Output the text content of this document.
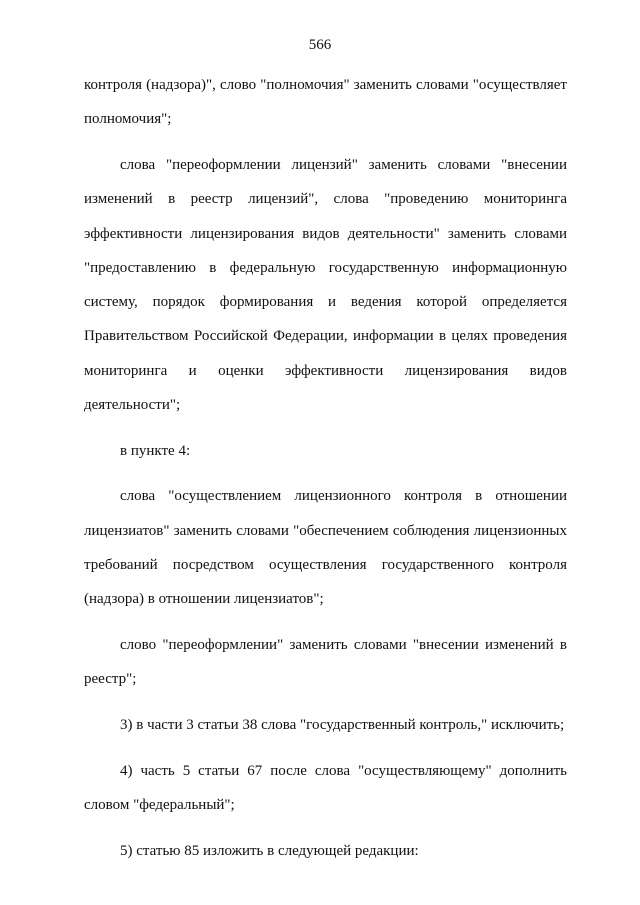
566

контроля (надзора)", слово "полномочия" заменить словами "осуществляет полномочия";

слова "переоформлении лицензий" заменить словами "внесении изменений в реестр лицензий", слова "проведению мониторинга эффективности лицензирования видов деятельности" заменить словами "предоставлению в федеральную государственную информационную систему, порядок формирования и ведения которой определяется Правительством Российской Федерации, информации в целях проведения мониторинга и оценки эффективности лицензирования видов деятельности";

в пункте 4:

слова "осуществлением лицензионного контроля в отношении лицензиатов" заменить словами "обеспечением соблюдения лицензионных требований посредством осуществления государственного контроля (надзора) в отношении лицензиатов";

слово "переоформлении" заменить словами "внесении изменений в реестр";

3) в части 3 статьи 38 слова "государственный контроль," исключить;

4) часть 5 статьи 67 после слова "осуществляющему" дополнить словом "федеральный";

5) статью 85 изложить в следующей редакции:
